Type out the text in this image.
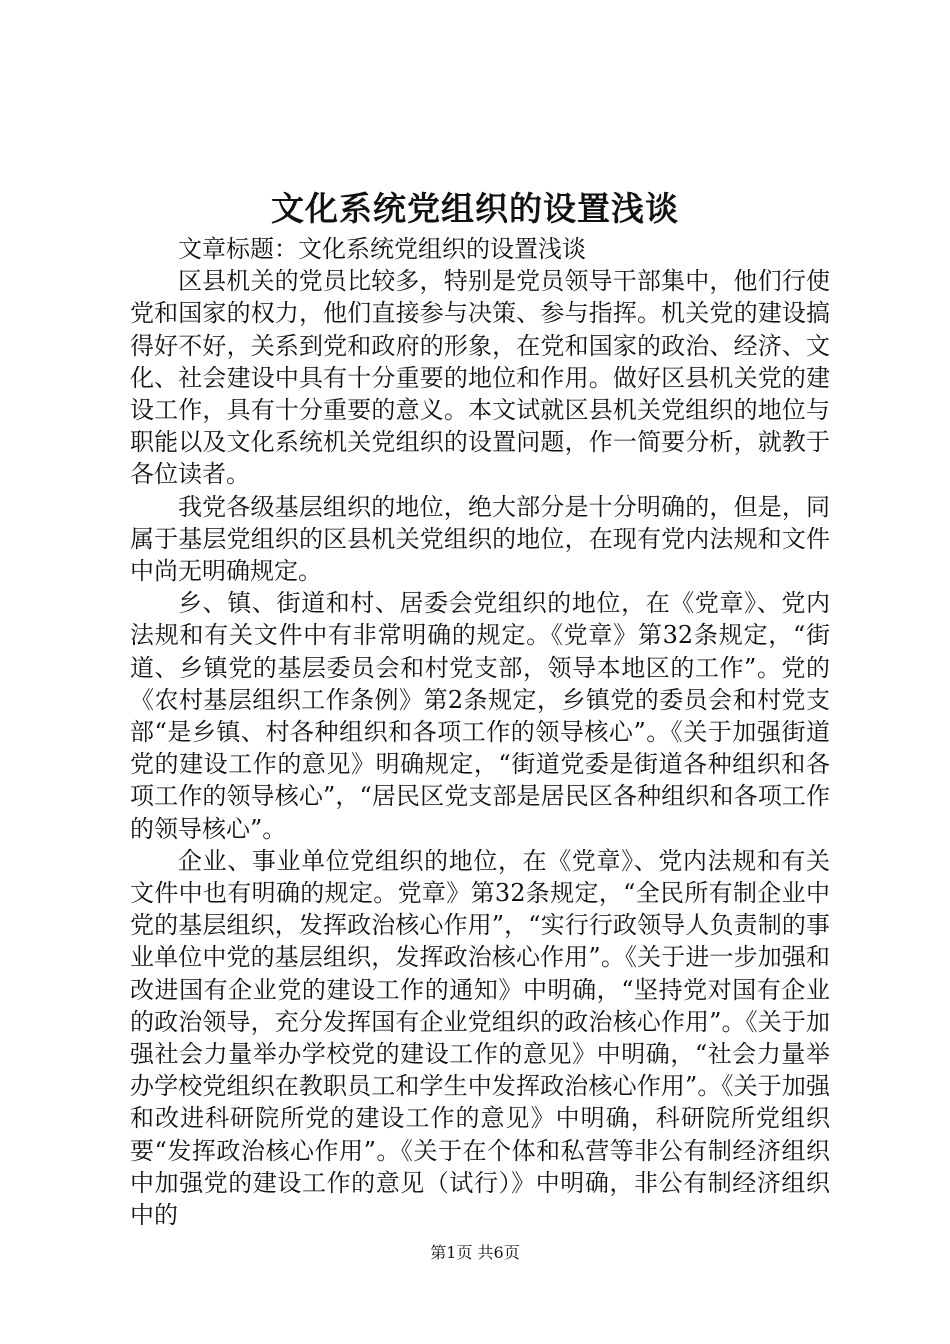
文化系统党组织的设置浅谈

文章标题：文化系统党组织的设置浅谈

区县机关的党员比较多，特别是党员领导干部集中，他们行使党和国家的权力，他们直接参与决策、参与指挥。机关党的建设搞得好不好，关系到党和政府的形象，在党和国家的政治、经济、文化、社会建设中具有十分重要的地位和作用。做好区县机关党的建设工作，具有十分重要的意义。本文试就区县机关党组织的地位与职能以及文化系统机关党组织的设置问题，作一简要分析，就教于各位读者。

我党各级基层组织的地位，绝大部分是十分明确的，但是，同属于基层党组织的区县机关党组织的地位，在现有党内法规和文件中尚无明确规定。

乡、镇、街道和村、居委会党组织的地位，在《党章》、党内法规和有关文件中有非常明确的规定。《党章》第32条规定，“街道、乡镇党的基层委员会和村党支部，领导本地区的工作”。党的《农村基层组织工作条例》第2条规定，乡镇党的委员会和村党支部“是乡镇、村各种组织和各项工作的领导核心”。《关于加强街道党的建设工作的意见》明确规定，“街道党委是街道各种组织和各项工作的领导核心”，“居民区党支部是居民区各种组织和各项工作的领导核心”。

企业、事业单位党组织的地位，在《党章》、党内法规和有关文件中也有明确的规定。党章》第32条规定，“全民所有制企业中党的基层组织，发挥政治核心作用”，“实行行政领导人负责制的事业单位中党的基层组织，发挥政治核心作用”。《关于进一步加强和改进国有企业党的建设工作的通知》中明确，“坚持党对国有企业的政治领导，充分发挥国有企业党组织的政治核心作用”。《关于加强社会力量举办学校党的建设工作的意见》中明确，“社会力量举办学校党组织在教职员工和学生中发挥政治核心作用”。《关于加强和改进科研院所党的建设工作的意见》中明确，科研院所党组织要“发挥政治核心作用”。《关于在个体和私营等非公有制经济组织中加强党的建设工作的意见（试行）》中明确，非公有制经济组织中的

第1页 共6页
